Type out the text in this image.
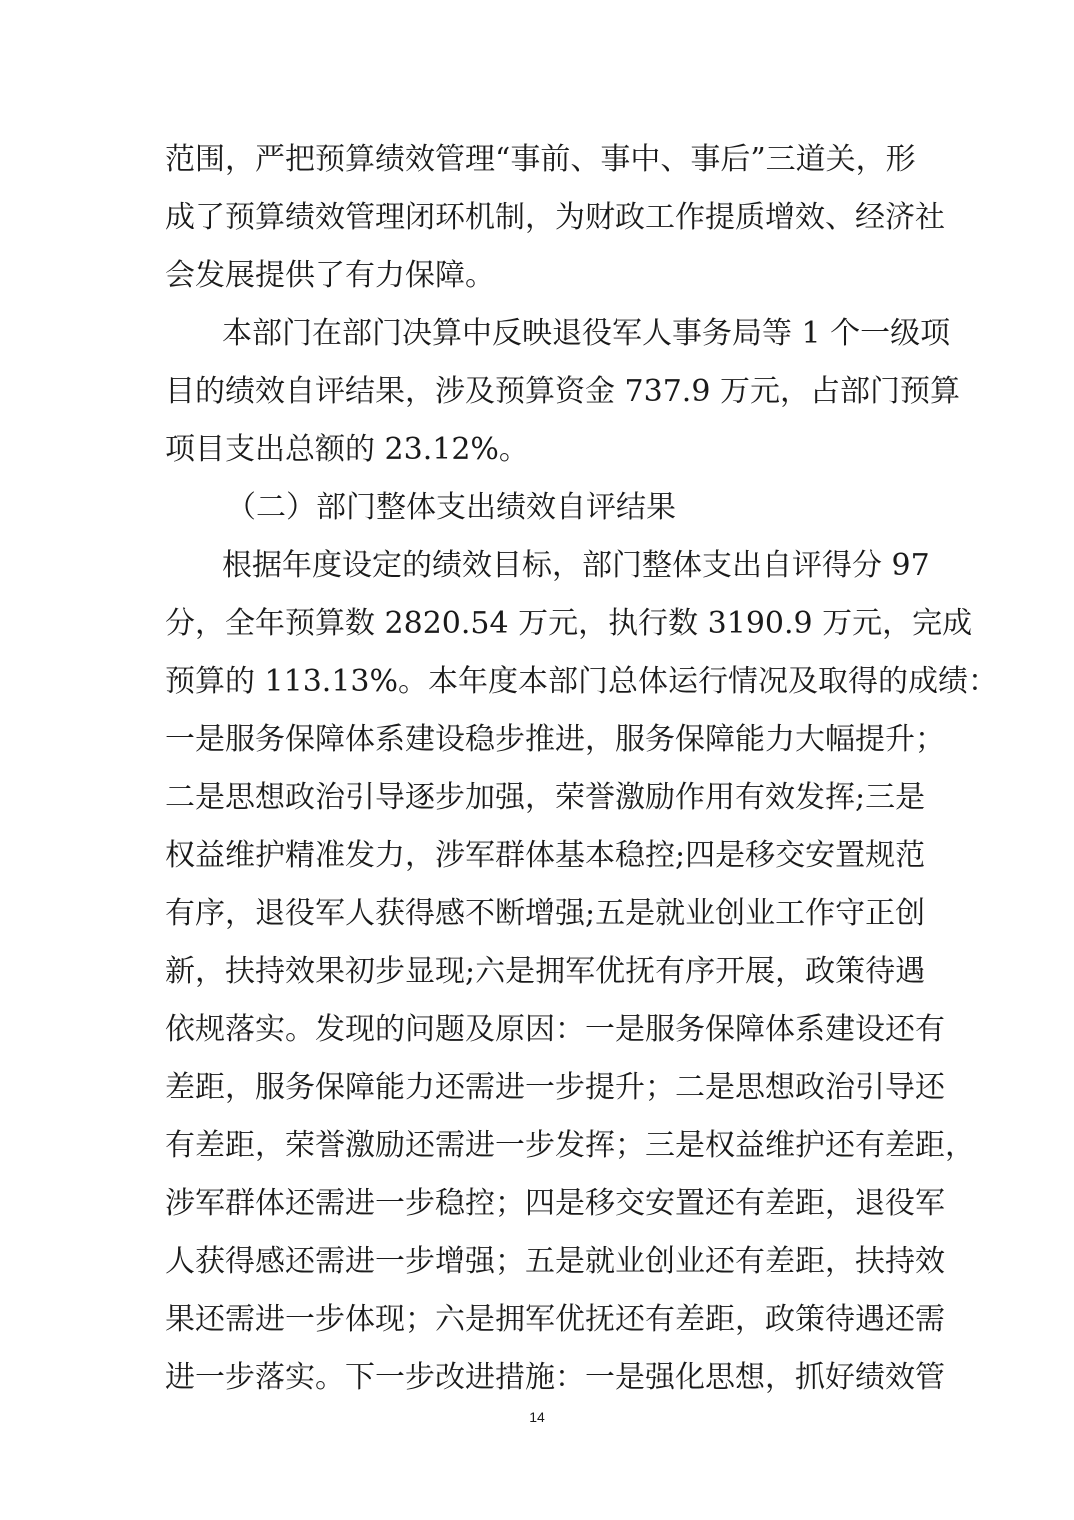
范围，严把预算绩效管理“事前、事中、事后”三道关，形
成了预算绩效管理闭环机制，为财政工作提质增效、经济社
会发展提供了有力保障。
本部门在部门决算中反映退役军人事务局等 1 个一级项
目的绩效自评结果，涉及预算资金 737.9 万元，占部门预算
项目支出总额的 23.12%。
（二）部门整体支出绩效自评结果
根据年度设定的绩效目标，部门整体支出自评得分 97
分，全年预算数 2820.54 万元，执行数 3190.9 万元，完成
预算的 113.13%。本年度本部门总体运行情况及取得的成绩：
一是服务保障体系建设稳步推进，服务保障能力大幅提升；
二是思想政治引导逐步加强，荣誉激励作用有效发挥;三是
权益维护精准发力，涉军群体基本稳控;四是移交安置规范
有序，退役军人获得感不断增强;五是就业创业工作守正创
新，扶持效果初步显现;六是拥军优抚有序开展，政策待遇
依规落实。发现的问题及原因：一是服务保障体系建设还有
差距，服务保障能力还需进一步提升；二是思想政治引导还
有差距，荣誉激励还需进一步发挥；三是权益维护还有差距，
涉军群体还需进一步稳控；四是移交安置还有差距，退役军
人获得感还需进一步增强；五是就业创业还有差距，扶持效
果还需进一步体现；六是拥军优抚还有差距，政策待遇还需
进一步落实。下一步改进措施：一是强化思想，抓好绩效管
14
